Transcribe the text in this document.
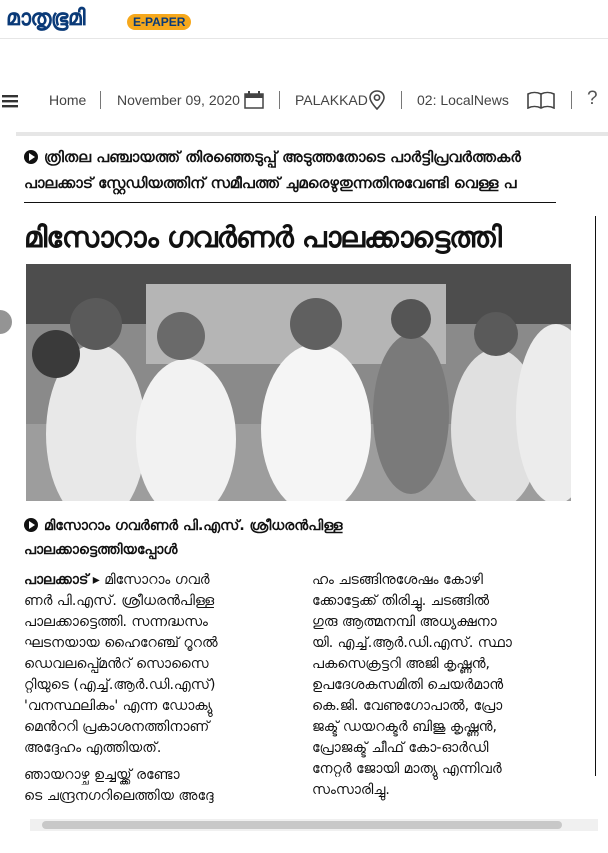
മാതൃഭൂമി	E-PAPER
Home November 09, 2020	PALAKKAD	02: LocalNews	?
ത്രിതല പഞ്ചായത്ത് തിരഞ്ഞെടുപ്പ് അടുത്തതോടെ പാർട്ടിപ്രവർത്തകർ
പാലക്കാട് സ്റ്റേഡിയത്തിന് സമീപത്ത് ചുമരെഴുതുന്നതിനുവേണ്ടി വെള്ള പ
മിസോറാം ഗവർണർ പാലക്കാട്ടെത്തി
മിസോറാം ഗവർണർ പി.എസ്. ശ്രീധരൻപിള്ള
പാലക്കാട്ടെത്തിയപ്പോൾ
പാലക്കാട് ▸ മിസോറാം ഗവർ
ണർ പി.എസ്. ശ്രീധരൻപിള്ള
പാലക്കാട്ടെത്തി. സന്നദ്ധസം
ഘടനയായ ഹൈറേഞ്ച് റൂറൽ
ഡെവലപ്പ്മെൻറ് സൊസൈ
റ്റിയുടെ (എച്ച്.ആർ.ഡി.എസ്)
'വനസ്ഥലികം' എന്ന ഡോക്യു
മെൻററി പ്രകാശനത്തിനാണ്
അദ്ദേഹം എത്തിയത്.
ഞായറാഴ്ച ഉച്ചയ്ക്ക് രണ്ടോ
ടെ ചന്ദ്രനഗറിലെത്തിയ അദ്ദേ
ഹം ചടങ്ങിനുശേഷം കോഴി
ക്കോട്ടേക്ക് തിരിച്ചു. ചടങ്ങിൽ
ഗുരു ആത്മനമ്പി അധ്യക്ഷനാ
യി. എച്ച്.ആർ.ഡി.എസ്. സ്ഥാ
പകസെക്രട്ടറി അജി കൃഷ്ണൻ,
ഉപദേശകസമിതി ചെയർമാൻ
കെ.ജി. വേണുഗോപാൽ, പ്രോ
ജക്ട് ഡയറക്ടർ ബിജു കൃഷ്ണൻ,
പ്രോജക്ട് ചീഫ് കോ-ഓർഡി
നേറ്റർ ജോയി മാത്യു എന്നിവർ
സംസാരിച്ചു.
